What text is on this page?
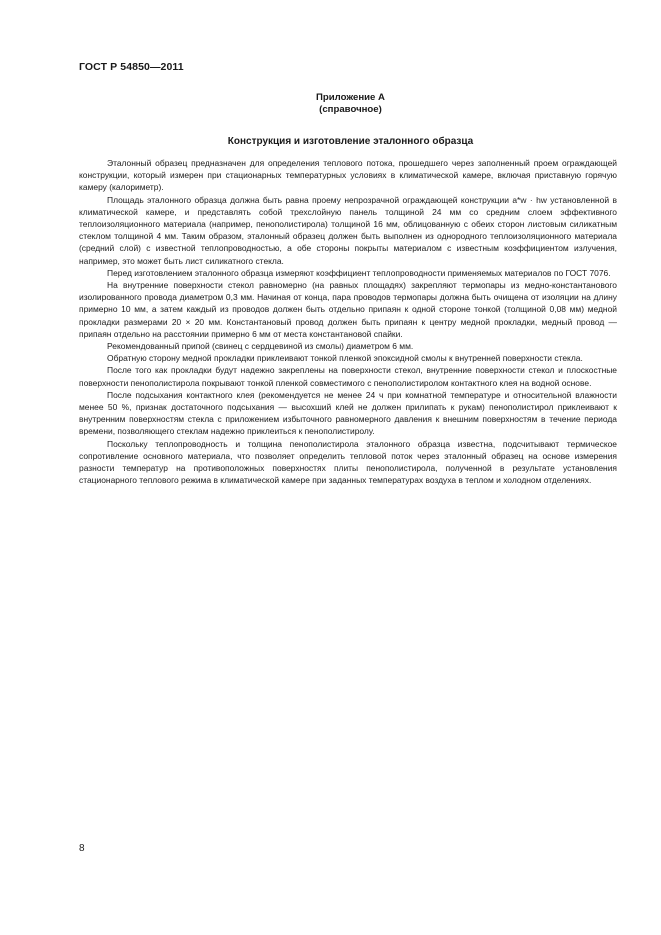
ГОСТ Р 54850—2011
Приложение А
(справочное)
Конструкция и изготовление эталонного образца

Эталонный образец предназначен для определения теплового потока, прошедшего через заполненный проем ограждающей конструкции, который измерен при стационарных температурных условиях в климатической камере, включая приставную горячую камеру (калориметр).

Площадь эталонного образца должна быть равна проему непрозрачной ограждающей конструкции a*w · hw установленной в климатической камере, и представлять собой трехслойную панель толщиной 24 мм со средним слоем эффективного теплоизоляционного материала (например, пенополистирола) толщиной 16 мм, облицованную с обеих сторон листовым силикатным стеклом толщиной 4 мм. Таким образом, эталонный образец должен быть выполнен из однородного теплоизоляционного материала (средний слой) с известной теплопроводностью, а обе стороны покрыты материалом с известным коэффициентом излучения, например, это может быть лист силикатного стекла.

Перед изготовлением эталонного образца измеряют коэффициент теплопроводности применяемых материалов по ГОСТ 7076.

На внутренние поверхности стекол равномерно (на равных площадях) закрепляют термопары из медно-константанового изолированного провода диаметром 0,3 мм. Начиная от конца, пара проводов термопары должна быть очищена от изоляции на длину примерно 10 мм, а затем каждый из проводов должен быть отдельно припаян к одной стороне тонкой (толщиной 0,08 мм) медной прокладки размерами 20 × 20 мм. Константановый провод должен быть припаян к центру медной прокладки, медный провод — припаян отдельно на расстоянии примерно 6 мм от места константановой спайки.

Рекомендованный припой (свинец с сердцевиной из смолы) диаметром 6 мм.

Обратную сторону медной прокладки приклеивают тонкой пленкой эпоксидной смолы к внутренней поверхности стекла.

После того как прокладки будут надежно закреплены на поверхности стекол, внутренние поверхности стекол и плоскостные поверхности пенополистирола покрывают тонкой пленкой совместимого с пенополистиролом контактного клея на водной основе.

После подсыхания контактного клея (рекомендуется не менее 24 ч при комнатной температуре и относительной влажности менее 50 %, признак достаточного подсыхания — высохший клей не должен прилипать к рукам) пенополистирол приклеивают к внутренним поверхностям стекла с приложением избыточного равномерного давления к внешним поверхностям в течение периода времени, позволяющего стеклам надежно приклеиться к пенополистиролу.

Поскольку теплопроводность и толщина пенополистирола эталонного образца известна, подсчитывают термическое сопротивление основного материала, что позволяет определить тепловой поток через эталонный образец на основе измерения разности температур на противоположных поверхностях плиты пенополистирола, полученной в результате установления стационарного теплового режима в климатической камере при заданных температурах воздуха в теплом и холодном отделениях.

8
